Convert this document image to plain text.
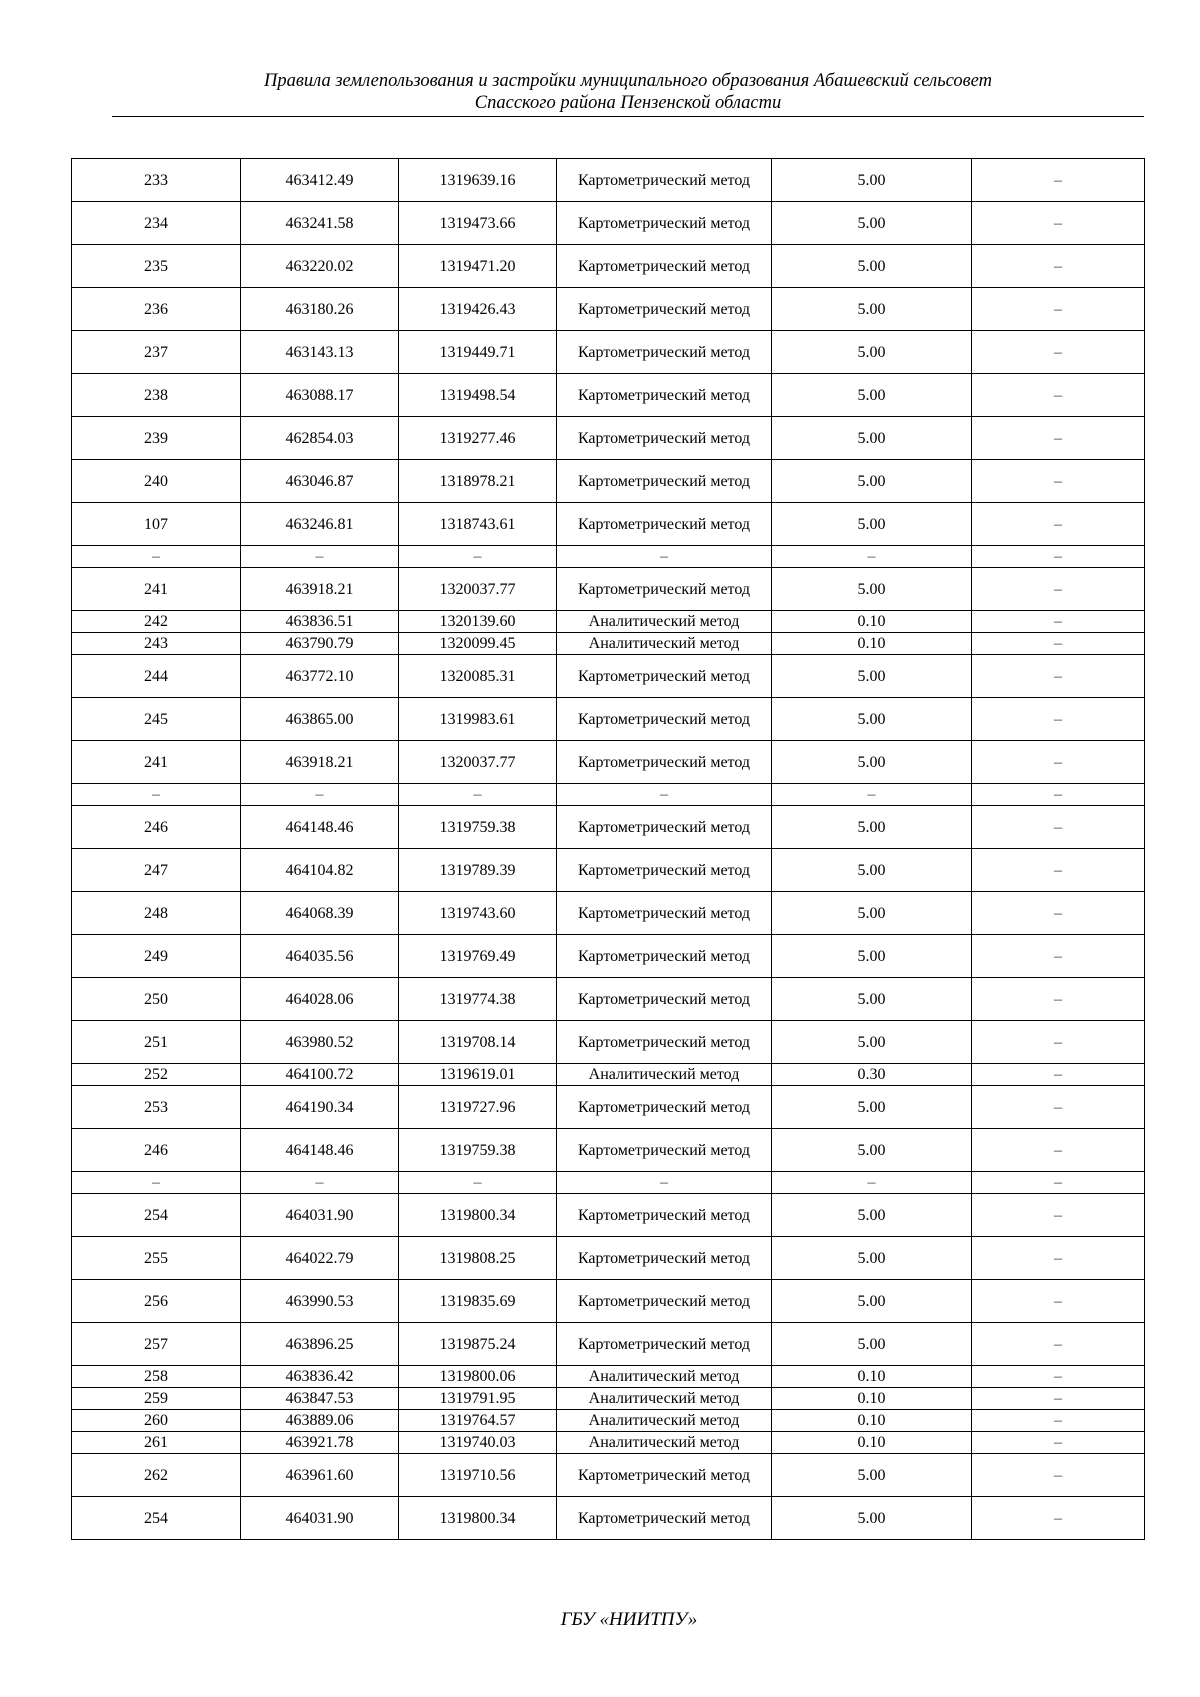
Правила землепользования и застройки муниципального образования Абашевский сельсовет
Спасского района Пензенской области
233	463412.49	1319639.16	Картометрический метод	5.00	–
234	463241.58	1319473.66	Картометрический метод	5.00	–
235	463220.02	1319471.20	Картометрический метод	5.00	–
236	463180.26	1319426.43	Картометрический метод	5.00	–
237	463143.13	1319449.71	Картометрический метод	5.00	–
238	463088.17	1319498.54	Картометрический метод	5.00	–
239	462854.03	1319277.46	Картометрический метод	5.00	–
240	463046.87	1318978.21	Картометрический метод	5.00	–
107	463246.81	1318743.61	Картометрический метод	5.00	–
–	–	–	–	–	–
241	463918.21	1320037.77	Картометрический метод	5.00	–
242	463836.51	1320139.60	Аналитический метод	0.10	–
243	463790.79	1320099.45	Аналитический метод	0.10	–
244	463772.10	1320085.31	Картометрический метод	5.00	–
245	463865.00	1319983.61	Картометрический метод	5.00	–
241	463918.21	1320037.77	Картометрический метод	5.00	–
–	–	–	–	–	–
246	464148.46	1319759.38	Картометрический метод	5.00	–
247	464104.82	1319789.39	Картометрический метод	5.00	–
248	464068.39	1319743.60	Картометрический метод	5.00	–
249	464035.56	1319769.49	Картометрический метод	5.00	–
250	464028.06	1319774.38	Картометрический метод	5.00	–
251	463980.52	1319708.14	Картометрический метод	5.00	–
252	464100.72	1319619.01	Аналитический метод	0.30	–
253	464190.34	1319727.96	Картометрический метод	5.00	–
246	464148.46	1319759.38	Картометрический метод	5.00	–
–	–	–	–	–	–
254	464031.90	1319800.34	Картометрический метод	5.00	–
255	464022.79	1319808.25	Картометрический метод	5.00	–
256	463990.53	1319835.69	Картометрический метод	5.00	–
257	463896.25	1319875.24	Картометрический метод	5.00	–
258	463836.42	1319800.06	Аналитический метод	0.10	–
259	463847.53	1319791.95	Аналитический метод	0.10	–
260	463889.06	1319764.57	Аналитический метод	0.10	–
261	463921.78	1319740.03	Аналитический метод	0.10	–
262	463961.60	1319710.56	Картометрический метод	5.00	–
254	464031.90	1319800.34	Картометрический метод	5.00	–
ГБУ «НИИТПУ»
